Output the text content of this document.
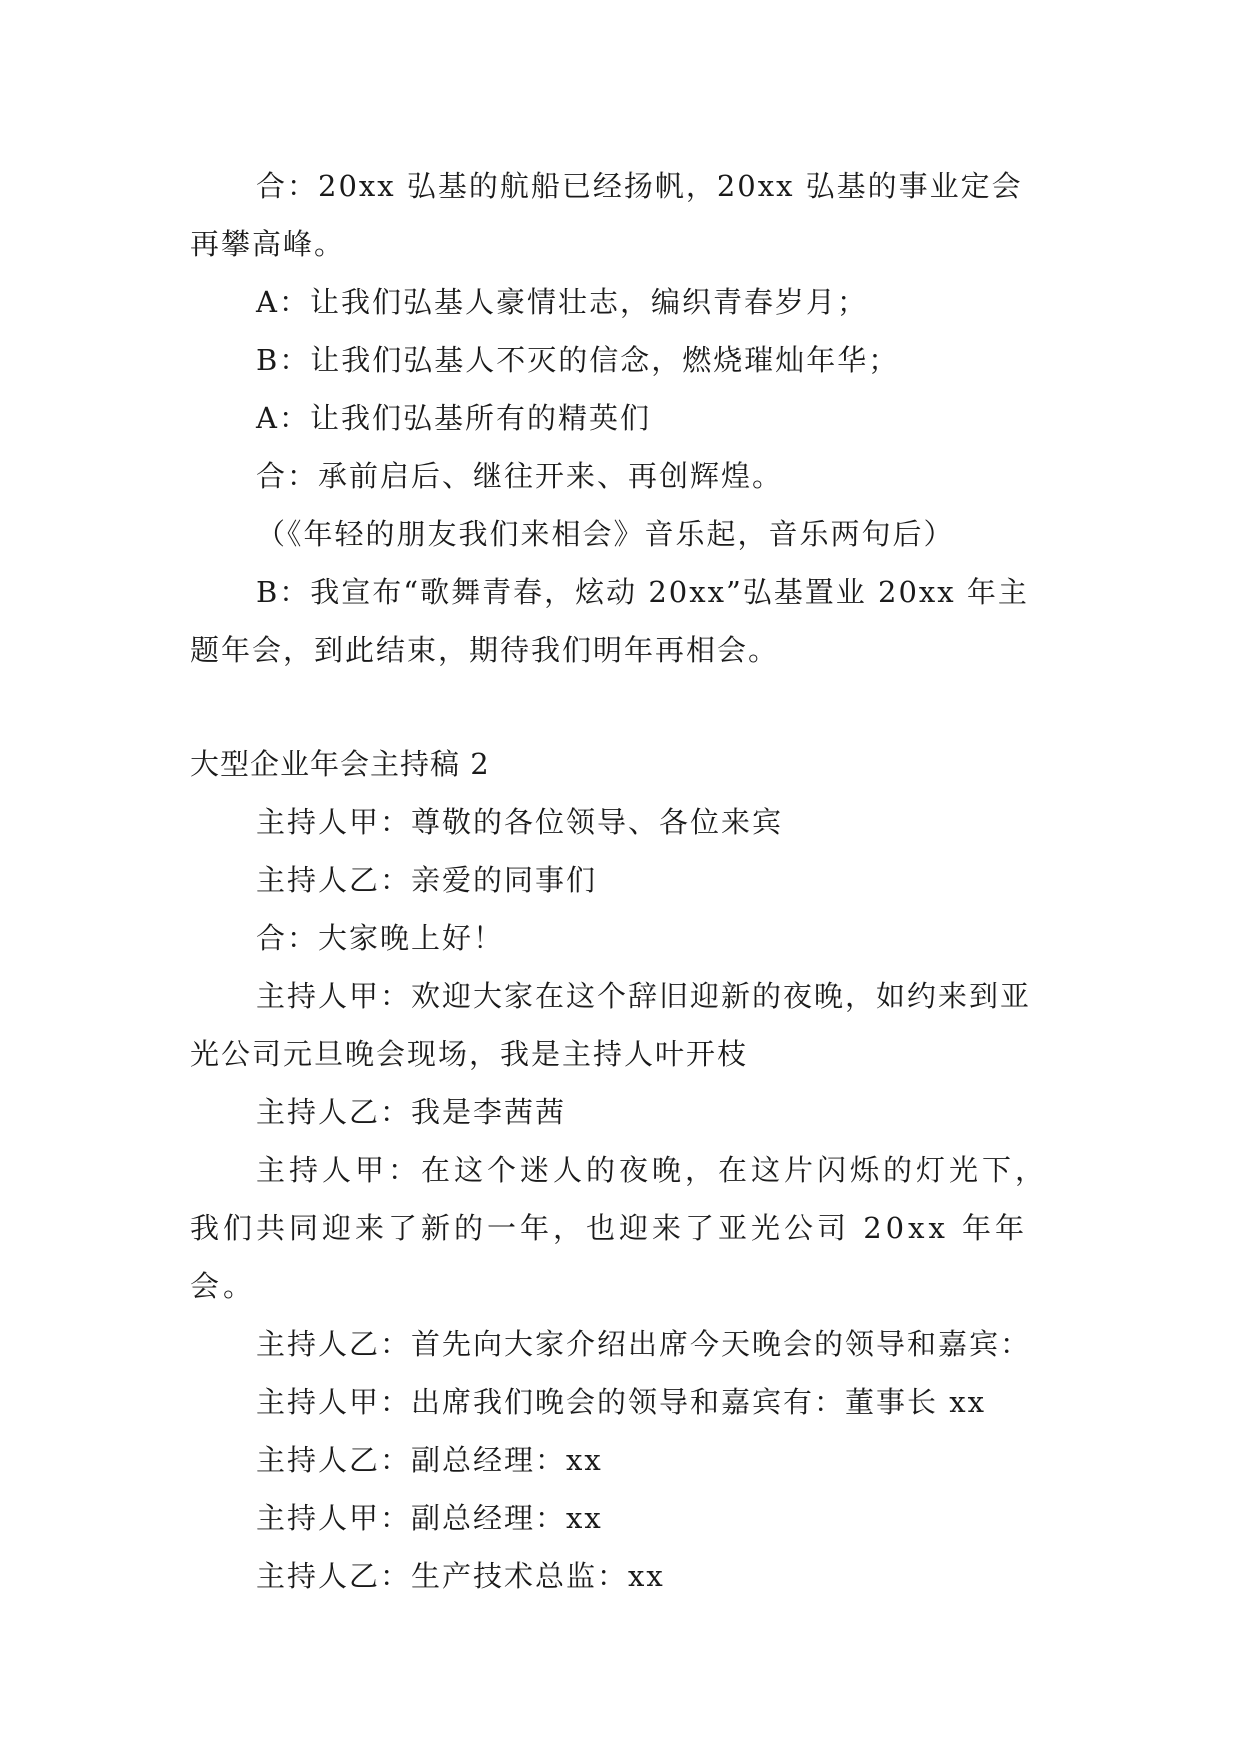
合：20xx 弘基的航船已经扬帆，20xx 弘基的事业定会再攀高峰。

A：让我们弘基人豪情壮志，编织青春岁月；

B：让我们弘基人不灭的信念，燃烧璀灿年华；

A：让我们弘基所有的精英们

合：承前启后、继往开来、再创辉煌。

（《年轻的朋友我们来相会》音乐起，音乐两句后）

B：我宣布“歌舞青春，炫动 20xx”弘基置业 20xx 年主题年会，到此结束，期待我们明年再相会。

大型企业年会主持稿 2

主持人甲：尊敬的各位领导、各位来宾

主持人乙：亲爱的同事们

合：大家晚上好！

主持人甲：欢迎大家在这个辞旧迎新的夜晚，如约来到亚光公司元旦晚会现场，我是主持人叶开枝

主持人乙：我是李茜茜

主持人甲：在这个迷人的夜晚，在这片闪烁的灯光下，我们共同迎来了新的一年，也迎来了亚光公司 20xx 年年会。

主持人乙：首先向大家介绍出席今天晚会的领导和嘉宾：

主持人甲：出席我们晚会的领导和嘉宾有：董事长 xx

主持人乙：副总经理：xx

主持人甲：副总经理：xx

主持人乙：生产技术总监：xx
